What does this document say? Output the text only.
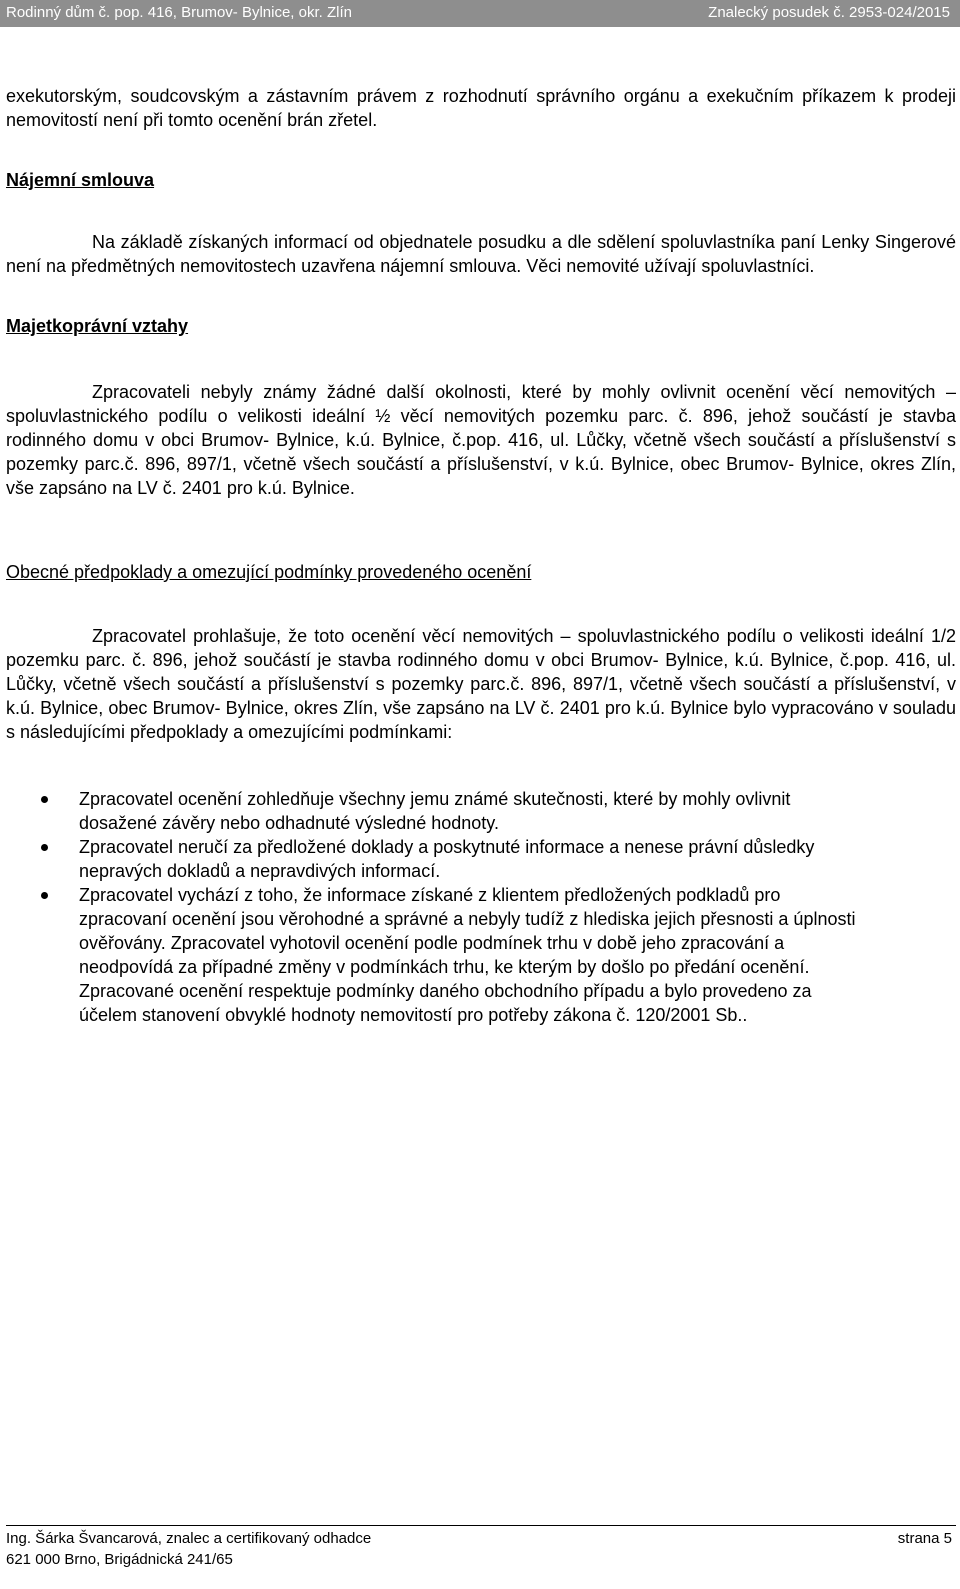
Rodinný dům č. pop. 416, Brumov- Bylnice, okr. Zlín	Znalecký posudek č. 2953-024/2015

exekutorským, soudcovským a zástavním právem z rozhodnutí správního orgánu a exekučním příkazem k prodeji nemovitostí není při tomto ocenění brán zřetel.

Nájemní smlouva

Na základě získaných informací od objednatele posudku a dle sdělení spoluvlastníka paní Lenky Singerové není na předmětných nemovitostech uzavřena nájemní smlouva. Věci nemovité užívají spoluvlastníci.

Majetkoprávní vztahy

Zpracovateli nebyly známy žádné další okolnosti, které by mohly ovlivnit ocenění věcí nemovitých – spoluvlastnického podílu o velikosti ideální ½ věcí nemovitých pozemku parc. č. 896, jehož součástí je stavba rodinného domu v obci Brumov- Bylnice, k.ú. Bylnice, č.pop. 416, ul. Lůčky, včetně všech součástí a příslušenství s pozemky parc.č. 896, 897/1, včetně všech součástí a příslušenství, v k.ú. Bylnice, obec Brumov- Bylnice, okres Zlín, vše zapsáno na LV č. 2401 pro k.ú. Bylnice.

Obecné předpoklady a omezující podmínky provedeného ocenění

Zpracovatel prohlašuje, že toto ocenění věcí nemovitých – spoluvlastnického podílu o velikosti ideální 1/2 pozemku parc. č. 896, jehož součástí je stavba rodinného domu v obci Brumov- Bylnice, k.ú. Bylnice, č.pop. 416, ul. Lůčky, včetně všech součástí a příslušenství s pozemky parc.č. 896, 897/1, včetně všech součástí a příslušenství, v k.ú. Bylnice, obec Brumov- Bylnice, okres Zlín, vše zapsáno na LV č. 2401 pro k.ú. Bylnice bylo vypracováno v souladu s následujícími předpoklady a omezujícími podmínkami:

Zpracovatel ocenění zohledňuje všechny jemu známé skutečnosti, které by mohly ovlivnit dosažené závěry nebo odhadnuté výsledné hodnoty.
Zpracovatel neručí za předložené doklady a poskytnuté informace a nenese právní důsledky nepravých dokladů a nepravdivých informací.
Zpracovatel vychází z toho, že informace získané z klientem předložených podkladů pro zpracovaní ocenění jsou věrohodné a správné a nebyly tudíž z hlediska jejich přesnosti a úplnosti ověřovány. Zpracovatel vyhotovil ocenění podle podmínek trhu v době jeho zpracování a neodpovídá za případné změny v podmínkách trhu, ke kterým by došlo po předání ocenění. Zpracované ocenění respektuje podmínky daného obchodního případu a bylo provedeno za účelem stanovení obvyklé hodnoty nemovitostí pro potřeby zákona č. 120/2001 Sb..
Ing. Šárka Švancarová, znalec a certifikovaný odhadce	strana 5
621 000 Brno, Brigádnická 241/65
